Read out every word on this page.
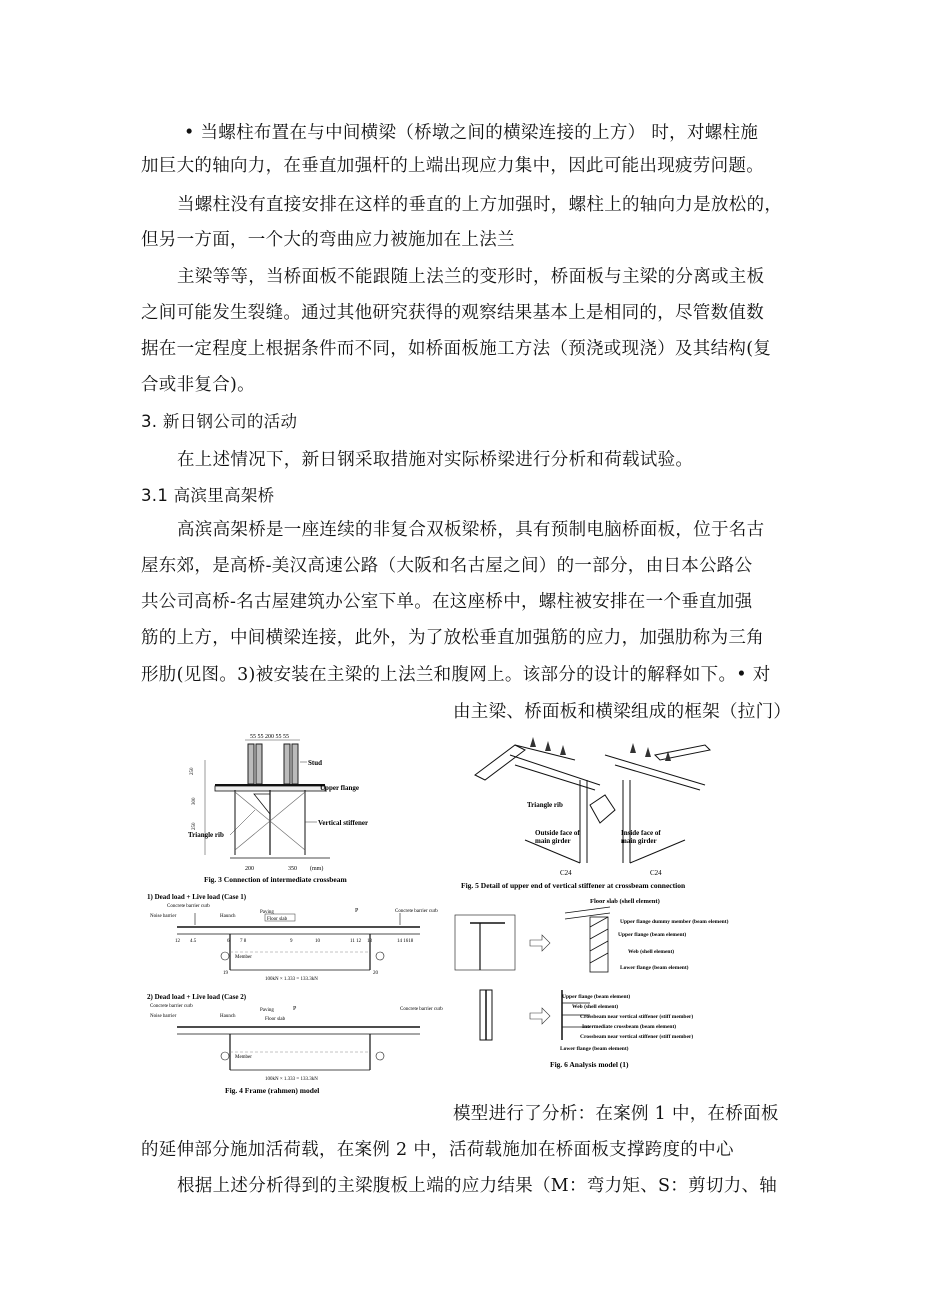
• 当螺柱布置在与中间横梁（桥墩之间的横梁连接的上方） 时，对螺柱施
加巨大的轴向力，在垂直加强杆的上端出现应力集中，因此可能出现疲劳问题。
当螺柱没有直接安排在这样的垂直的上方加强时，螺柱上的轴向力是放松的，
但另一方面，一个大的弯曲应力被施加在上法兰
主梁等等，当桥面板不能跟随上法兰的变形时，桥面板与主梁的分离或主板
之间可能发生裂缝。通过其他研究获得的观察结果基本上是相同的，尽管数值数
据在一定程度上根据条件而不同，如桥面板施工方法（预浇或现浇）及其结构(复
合或非复合)。
3. 新日钢公司的活动
在上述情况下，新日钢采取措施对实际桥梁进行分析和荷载试验。
3.1 高滨里高架桥
高滨高架桥是一座连续的非复合双板梁桥，具有预制电脑桥面板，位于名古
屋东郊，是高桥-美汉高速公路（大阪和名古屋之间）的一部分，由日本公路公
共公司高桥-名古屋建筑办公室下单。在这座桥中，螺柱被安排在一个垂直加强
筋的上方，中间横梁连接，此外，为了放松垂直加强筋的应力，加强肋称为三角
形肋(见图。3)被安装在主梁的上法兰和腹网上。该部分的设计的解释如下。• 对
由主梁、桥面板和横梁组成的框架（拉门）
55 55 200 55 55
250
300
250
Stud
Upper flange
Vertical stiffener
Triangle rib
200	350 (mm)
Fig. 3 Connection of intermediate crossbeam
Triangle rib
Outside face of
main girder
Inside face of
main girder
C24	C24
Fig. 5 Detail of upper end of vertical stiffener at crossbeam connection
1) Dead load + Live load (Case 1)
Concrete barrier curb
Noise barrier	Haunch
Paving
Floor slab
P	Concrete barrier curb
12 4.5	6 7 8	9	10	11 12 13	14 1618
Member
100kN × 1.333 = 133.3kN
19	20
2) Dead load + Live load (Case 2)
Concrete barrier curb
Noise barrier	Haunch
Paving
Floor slab
P	Concrete barrier curb
Member
100kN × 1.333 = 133.3kN
Fig. 4 Frame (rahmen) model
Floor slab (shell element)
Upper flange dummy member (beam element)
Upper flange (beam element)
Web (shell element)
Lower flange (beam element)
Upper flange (beam element)
Web (shell element)
Crossbeam near vertical stiffener (stiff member)
Intermediate crossbeam (beam element)
Crossbeam near vertical stiffener (stiff member)
Lower flange (beam element)
Fig. 6 Analysis model (1)
模型进行了分析：在案例 1 中，在桥面板
的延伸部分施加活荷载，在案例 2 中，活荷载施加在桥面板支撑跨度的中心
根据上述分析得到的主梁腹板上端的应力结果（M：弯力矩、S：剪切力、轴
